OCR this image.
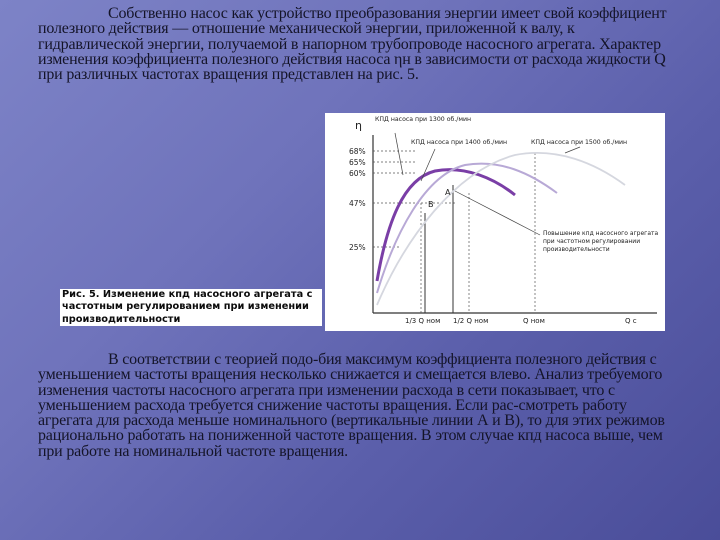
Собственно насос как устройство преобразования энергии имеет свой коэффициент полезного действия — отношение механической энергии, приложенной к валу, к гидравлической энергии, получаемой в напорном трубопроводе насосного агрегата. Характер изменения коэффициента полезного действия насоса ηн в зависимости от расхода жидкости Q при различных частотах вращения представлен на рис. 5.
η
68%
65%
60%
47%
25%
КПД насоса при 1300 об./мин
КПД насоса при 1400 об./мин	КПД насоса при 1500 об./мин
A
B
Повышение кпд насосного агрегата при частотном регулировании производительности
1/3 Q ном 1/2 Q ном	Q ном	Q c
Рис. 5. Изменение кпд насосного агрегата с частотным регулированием при изменении производительности
В соответствии с теорией подо-бия максимум коэффициента полезного действия с уменьшением частоты вращения несколько снижается и смещается влево. Анализ требуемого изменения частоты насосного агрегата при изменении расхода в сети показывает, что с уменьшением расхода требуется снижение частоты вращения. Если рас-смотреть работу агрегата для расхода меньше номинального (вертикальные линии А и В), то для этих режимов рационально работать на пониженной частоте вращения. В этом случае кпд насоса выше, чем при работе на номинальной частоте вращения.
